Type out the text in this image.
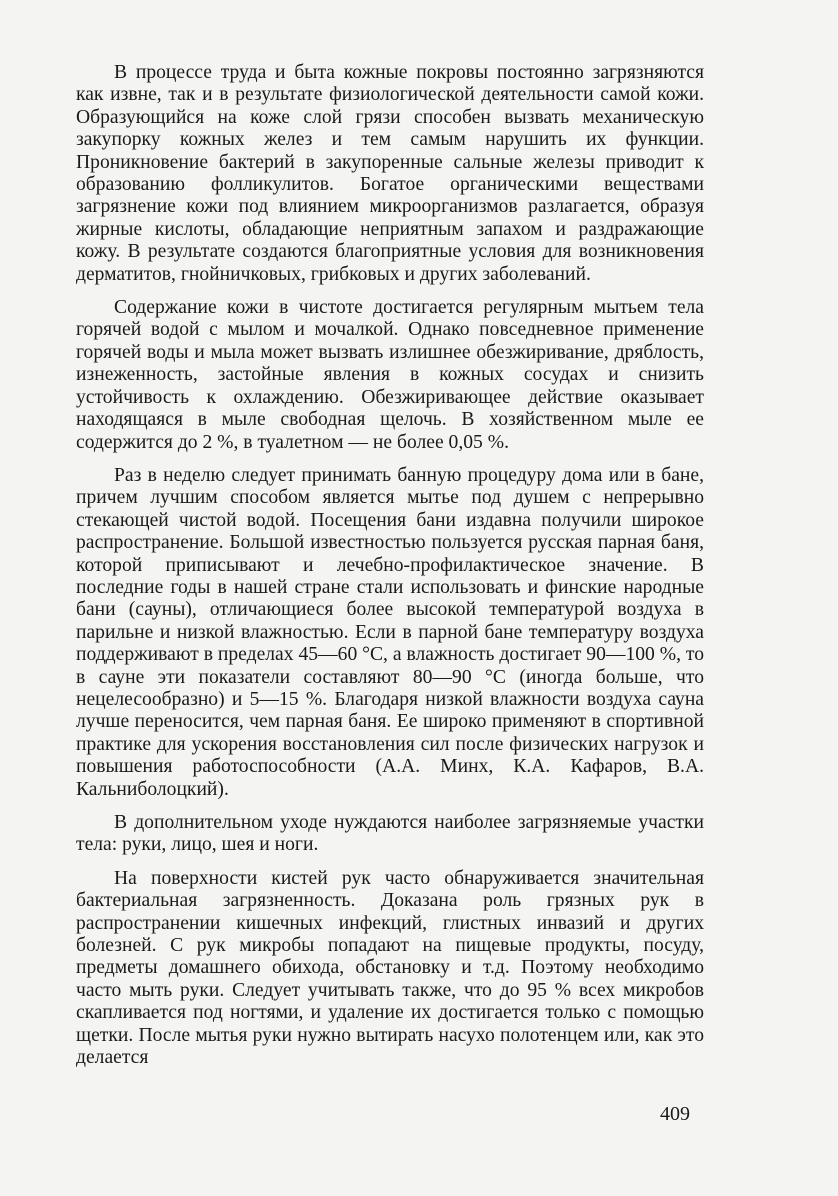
В процессе труда и быта кожные покровы постоянно загрязняются как извне, так и в результате физиологической деятельности самой кожи. Образующийся на коже слой грязи способен вызвать механическую закупорку кожных желез и тем самым нарушить их функции. Проникновение бактерий в закупоренные сальные железы приводит к образованию фолликулитов. Богатое органическими веществами загрязнение кожи под влиянием микроорганизмов разлагается, образуя жирные кислоты, обладающие неприятным запахом и раздражающие кожу. В результате создаются благоприятные условия для возникновения дерматитов, гнойничковых, грибковых и других заболеваний.

Содержание кожи в чистоте достигается регулярным мытьем тела горячей водой с мылом и мочалкой. Однако повседневное применение горячей воды и мыла может вызвать излишнее обезжиривание, дряблость, изнеженность, застойные явления в кожных сосудах и снизить устойчивость к охлаждению. Обезжиривающее действие оказывает находящаяся в мыле свободная щелочь. В хозяйственном мыле ее содержится до 2 %, в туалетном — не более 0,05 %.

Раз в неделю следует принимать банную процедуру дома или в бане, причем лучшим способом является мытье под душем с непрерывно стекающей чистой водой. Посещения бани издавна получили широкое распространение. Большой известностью пользуется русская парная баня, которой приписывают и лечебно-профилактическое значение. В последние годы в нашей стране стали использовать и финские народные бани (сауны), отличающиеся более высокой температурой воздуха в парильне и низкой влажностью. Если в парной бане температуру воздуха поддерживают в пределах 45—60 °С, а влажность достигает 90—100 %, то в сауне эти показатели составляют 80—90 °С (иногда больше, что нецелесообразно) и 5—15 %. Благодаря низкой влажности воздуха сауна лучше переносится, чем парная баня. Ее широко применяют в спортивной практике для ускорения восстановления сил после физических нагрузок и повышения работоспособности (А.А. Минх, К.А. Кафаров, В.А. Кальниболоцкий).

В дополнительном уходе нуждаются наиболее загрязняемые участки тела: руки, лицо, шея и ноги.

На поверхности кистей рук часто обнаруживается значительная бактериальная загрязненность. Доказана роль грязных рук в распространении кишечных инфекций, глистных инвазий и других болезней. С рук микробы попадают на пищевые продукты, посуду, предметы домашнего обихода, обстановку и т.д. Поэтому необходимо часто мыть руки. Следует учитывать также, что до 95 % всех микробов скапливается под ногтями, и удаление их достигается только с помощью щетки. После мытья руки нужно вытирать насухо полотенцем или, как это делается

409
